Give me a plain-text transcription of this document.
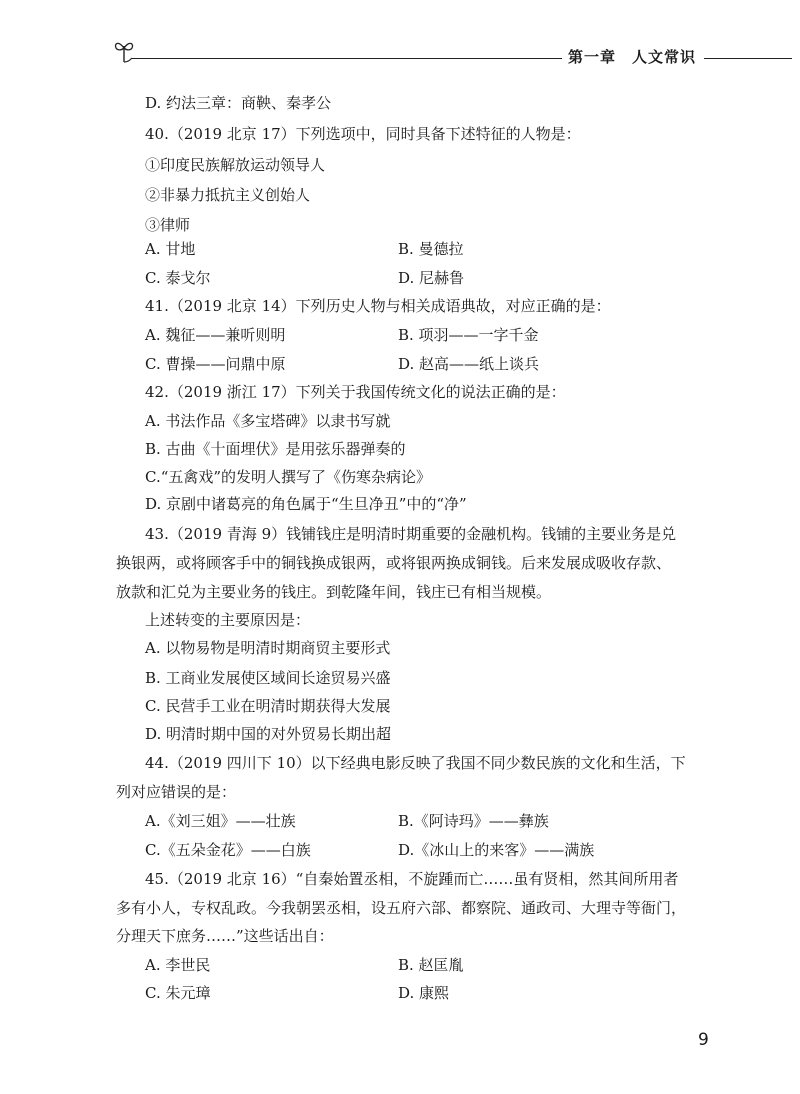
第一章　人文常识
D. 约法三章：商鞅、秦孝公
40.（2019 北京 17）下列选项中，同时具备下述特征的人物是：
①印度民族解放运动领导人
②非暴力抵抗主义创始人
③律师
A. 甘地	B. 曼德拉
C. 泰戈尔	D. 尼赫鲁
41.（2019 北京 14）下列历史人物与相关成语典故，对应正确的是：
A. 魏征——兼听则明	B. 项羽——一字千金
C. 曹操——问鼎中原	D. 赵高——纸上谈兵
42.（2019 浙江 17）下列关于我国传统文化的说法正确的是：
A. 书法作品《多宝塔碑》以隶书写就
B. 古曲《十面埋伏》是用弦乐器弹奏的
C.“五禽戏”的发明人撰写了《伤寒杂病论》
D. 京剧中诸葛亮的角色属于“生旦净丑”中的“净”
43.（2019 青海 9）钱铺钱庄是明清时期重要的金融机构。钱铺的主要业务是兑
换银两，或将顾客手中的铜钱换成银两，或将银两换成铜钱。后来发展成吸收存款、
放款和汇兑为主要业务的钱庄。到乾隆年间，钱庄已有相当规模。
上述转变的主要原因是：
A. 以物易物是明清时期商贸主要形式
B. 工商业发展使区域间长途贸易兴盛
C. 民营手工业在明清时期获得大发展
D. 明清时期中国的对外贸易长期出超
44.（2019 四川下 10）以下经典电影反映了我国不同少数民族的文化和生活，下
列对应错误的是：
A.《刘三姐》——壮族	B.《阿诗玛》——彝族
C.《五朵金花》——白族	D.《冰山上的来客》——满族
45.（2019 北京 16）“自秦始置丞相，不旋踵而亡……虽有贤相，然其间所用者
多有小人，专权乱政。今我朝罢丞相，设五府六部、都察院、通政司、大理寺等衙门，
分理天下庶务……”这些话出自：
A. 李世民	B. 赵匡胤
C. 朱元璋	D. 康熙
9
